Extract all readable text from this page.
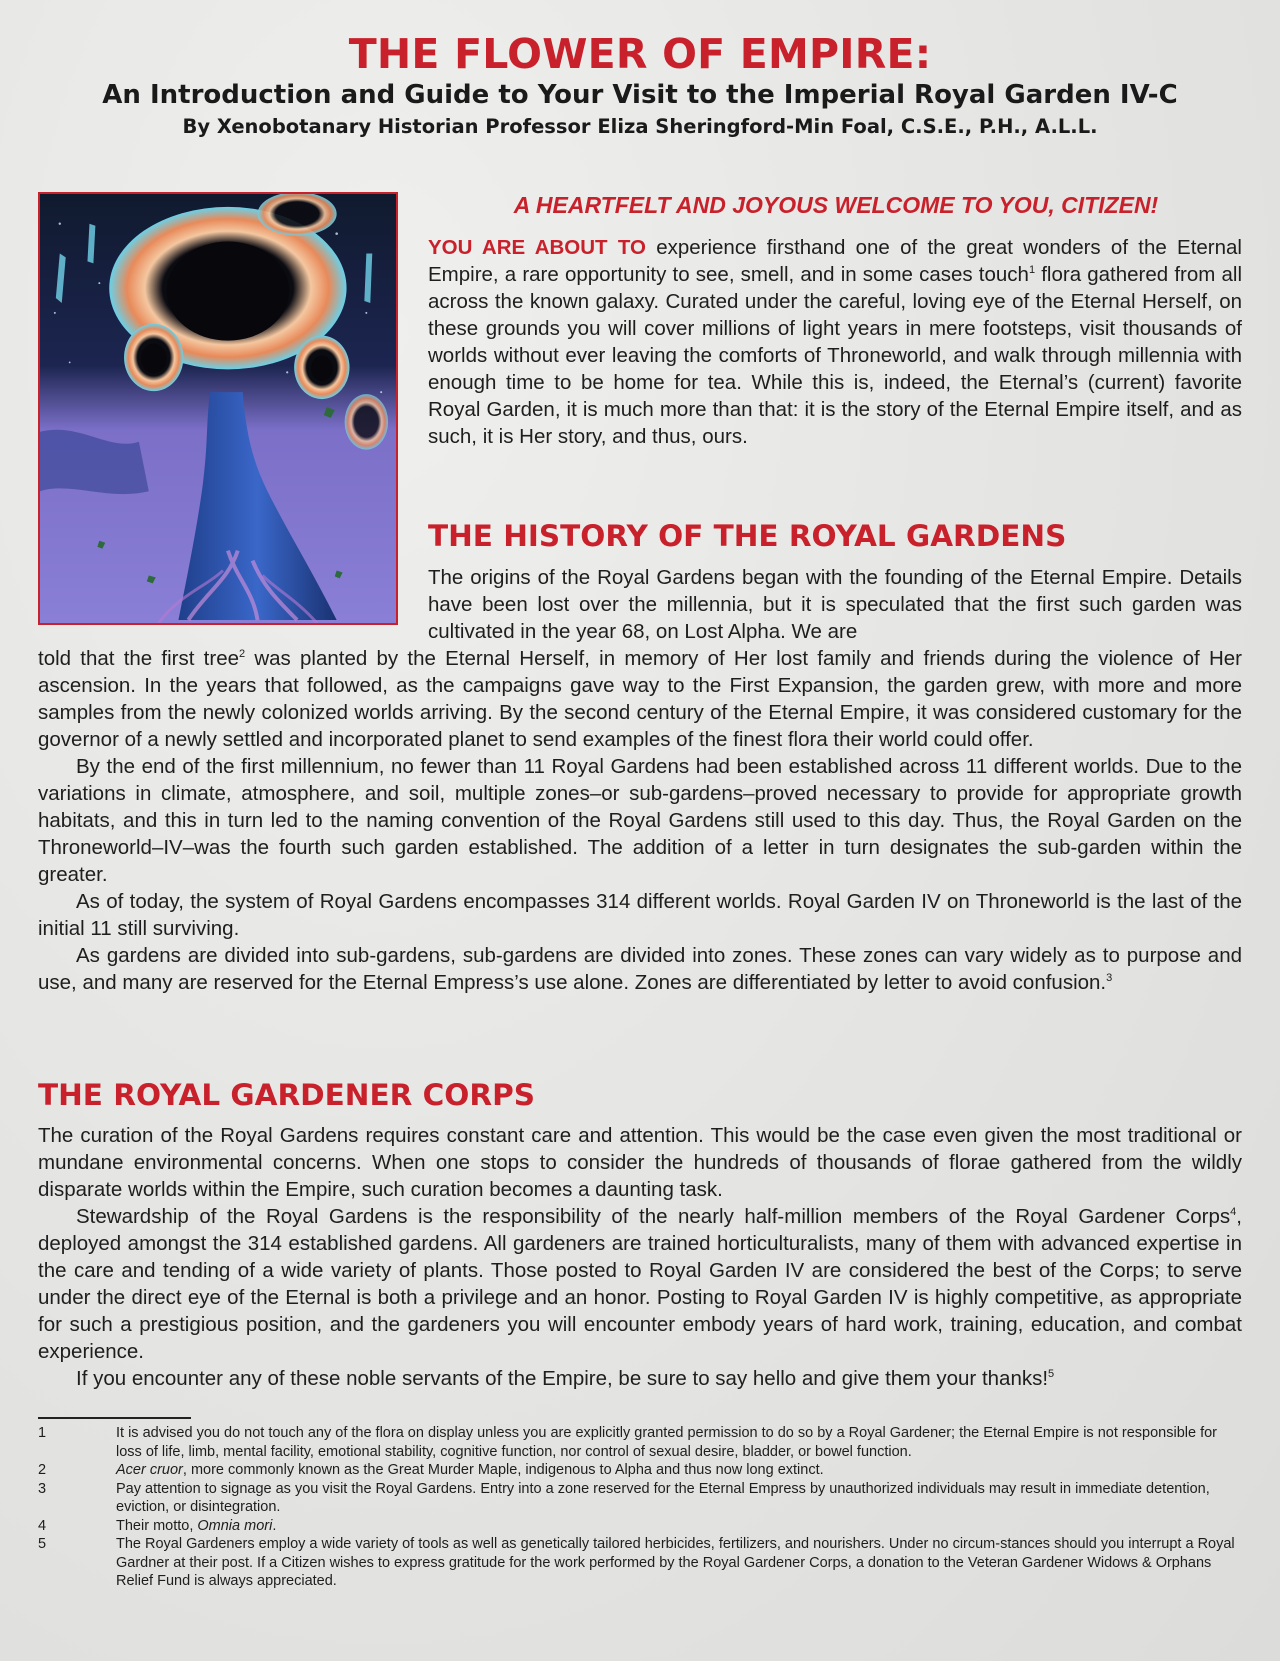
THE FLOWER OF EMPIRE:
An Introduction and Guide to Your Visit to the Imperial Royal Garden IV-C

By Xenobotanary Historian Professor Eliza Sheringford-Min Foal, C.S.E., P.H., A.L.L.

A HEARTFELT AND JOYOUS WELCOME TO YOU, CITIZEN!

YOU ARE ABOUT TO experience firsthand one of the great wonders of the Eternal Empire, a rare opportunity to see, smell, and in some cases touch$^1$ flora gathered from all across the known galaxy. Curated under the careful, loving eye of the Eternal Herself, on these grounds you will cover millions of light years in mere footsteps, visit thousands of worlds without ever leaving the comforts of Throneworld, and walk through millennia with enough time to be home for tea. While this is, indeed, the Eternal’s (current) favorite Royal Garden, it is much more than that: it is the story of the Eternal Empire itself, and as such, it is Her story, and thus, ours.

THE HISTORY OF THE ROYAL GARDENS

The origins of the Royal Gardens began with the founding of the Eternal Empire. Details have been lost over the millennia, but it is speculated that the first such garden was cultivated in the year 68, on Lost Alpha. We are

told that the first tree$^2$ was planted by the Eternal Herself, in memory of Her lost family and friends during the violence of Her ascension. In the years that followed, as the campaigns gave way to the First Expansion, the garden grew, with more and more samples from the newly colonized worlds arriving. By the second century of the Eternal Empire, it was considered customary for the governor of a newly settled and incorporated planet to send examples of the finest flora their world could offer.

By the end of the first millennium, no fewer than 11 Royal Gardens had been established across 11 different worlds. Due to the variations in climate, atmosphere, and soil, multiple zones–or sub-gardens–proved necessary to provide for appropriate growth habitats, and this in turn led to the naming convention of the Royal Gardens still used to this day. Thus, the Royal Garden on the Throneworld–IV–was the fourth such garden established. The addition of a letter in turn designates the sub-garden within the greater.

As of today, the system of Royal Gardens encompasses 314 different worlds. Royal Garden IV on Throneworld is the last of the initial 11 still surviving.

As gardens are divided into sub-gardens, sub-gardens are divided into zones. These zones can vary widely as to purpose and use, and many are reserved for the Eternal Empress’s use alone. Zones are differentiated by letter to avoid confusion.$^3$

THE ROYAL GARDENER CORPS

The curation of the Royal Gardens requires constant care and attention. This would be the case even given the most traditional or mundane environmental concerns. When one stops to consider the hundreds of thousands of florae gathered from the wildly disparate worlds within the Empire, such curation becomes a daunting task.

Stewardship of the Royal Gardens is the responsibility of the nearly half-million members of the Royal Gardener Corps$^4$, deployed amongst the 314 established gardens. All gardeners are trained horticulturalists, many of them with advanced expertise in the care and tending of a wide variety of plants. Those posted to Royal Garden IV are considered the best of the Corps; to serve under the direct eye of the Eternal is both a privilege and an honor. Posting to Royal Garden IV is highly competitive, as appropriate for such a prestigious position, and the gardeners you will encounter embody years of hard work, training, education, and combat experience.

If you encounter any of these noble servants of the Empire, be sure to say hello and give them your thanks!$^5$

1	It is advised you do not touch any of the flora on display unless you are explicitly granted permission to do so by a Royal Gardener; the Eternal Empire is not responsible for loss of life, limb, mental facility, emotional stability, cognitive function, nor control of sexual desire, bladder, or bowel function.
2	Acer cruor, more commonly known as the Great Murder Maple, indigenous to Alpha and thus now long extinct.
3	Pay attention to signage as you visit the Royal Gardens. Entry into a zone reserved for the Eternal Empress by unauthorized individuals may result in immediate detention, eviction, or disintegration.
4	Their motto, Omnia mori.
5	The Royal Gardeners employ a wide variety of tools as well as genetically tailored herbicides, fertilizers, and nourishers. Under no circum-stances should you interrupt a Royal Gardner at their post. If a Citizen wishes to express gratitude for the work performed by the Royal Gardener Corps, a donation to the Veteran Gardener Widows & Orphans Relief Fund is always appreciated.
